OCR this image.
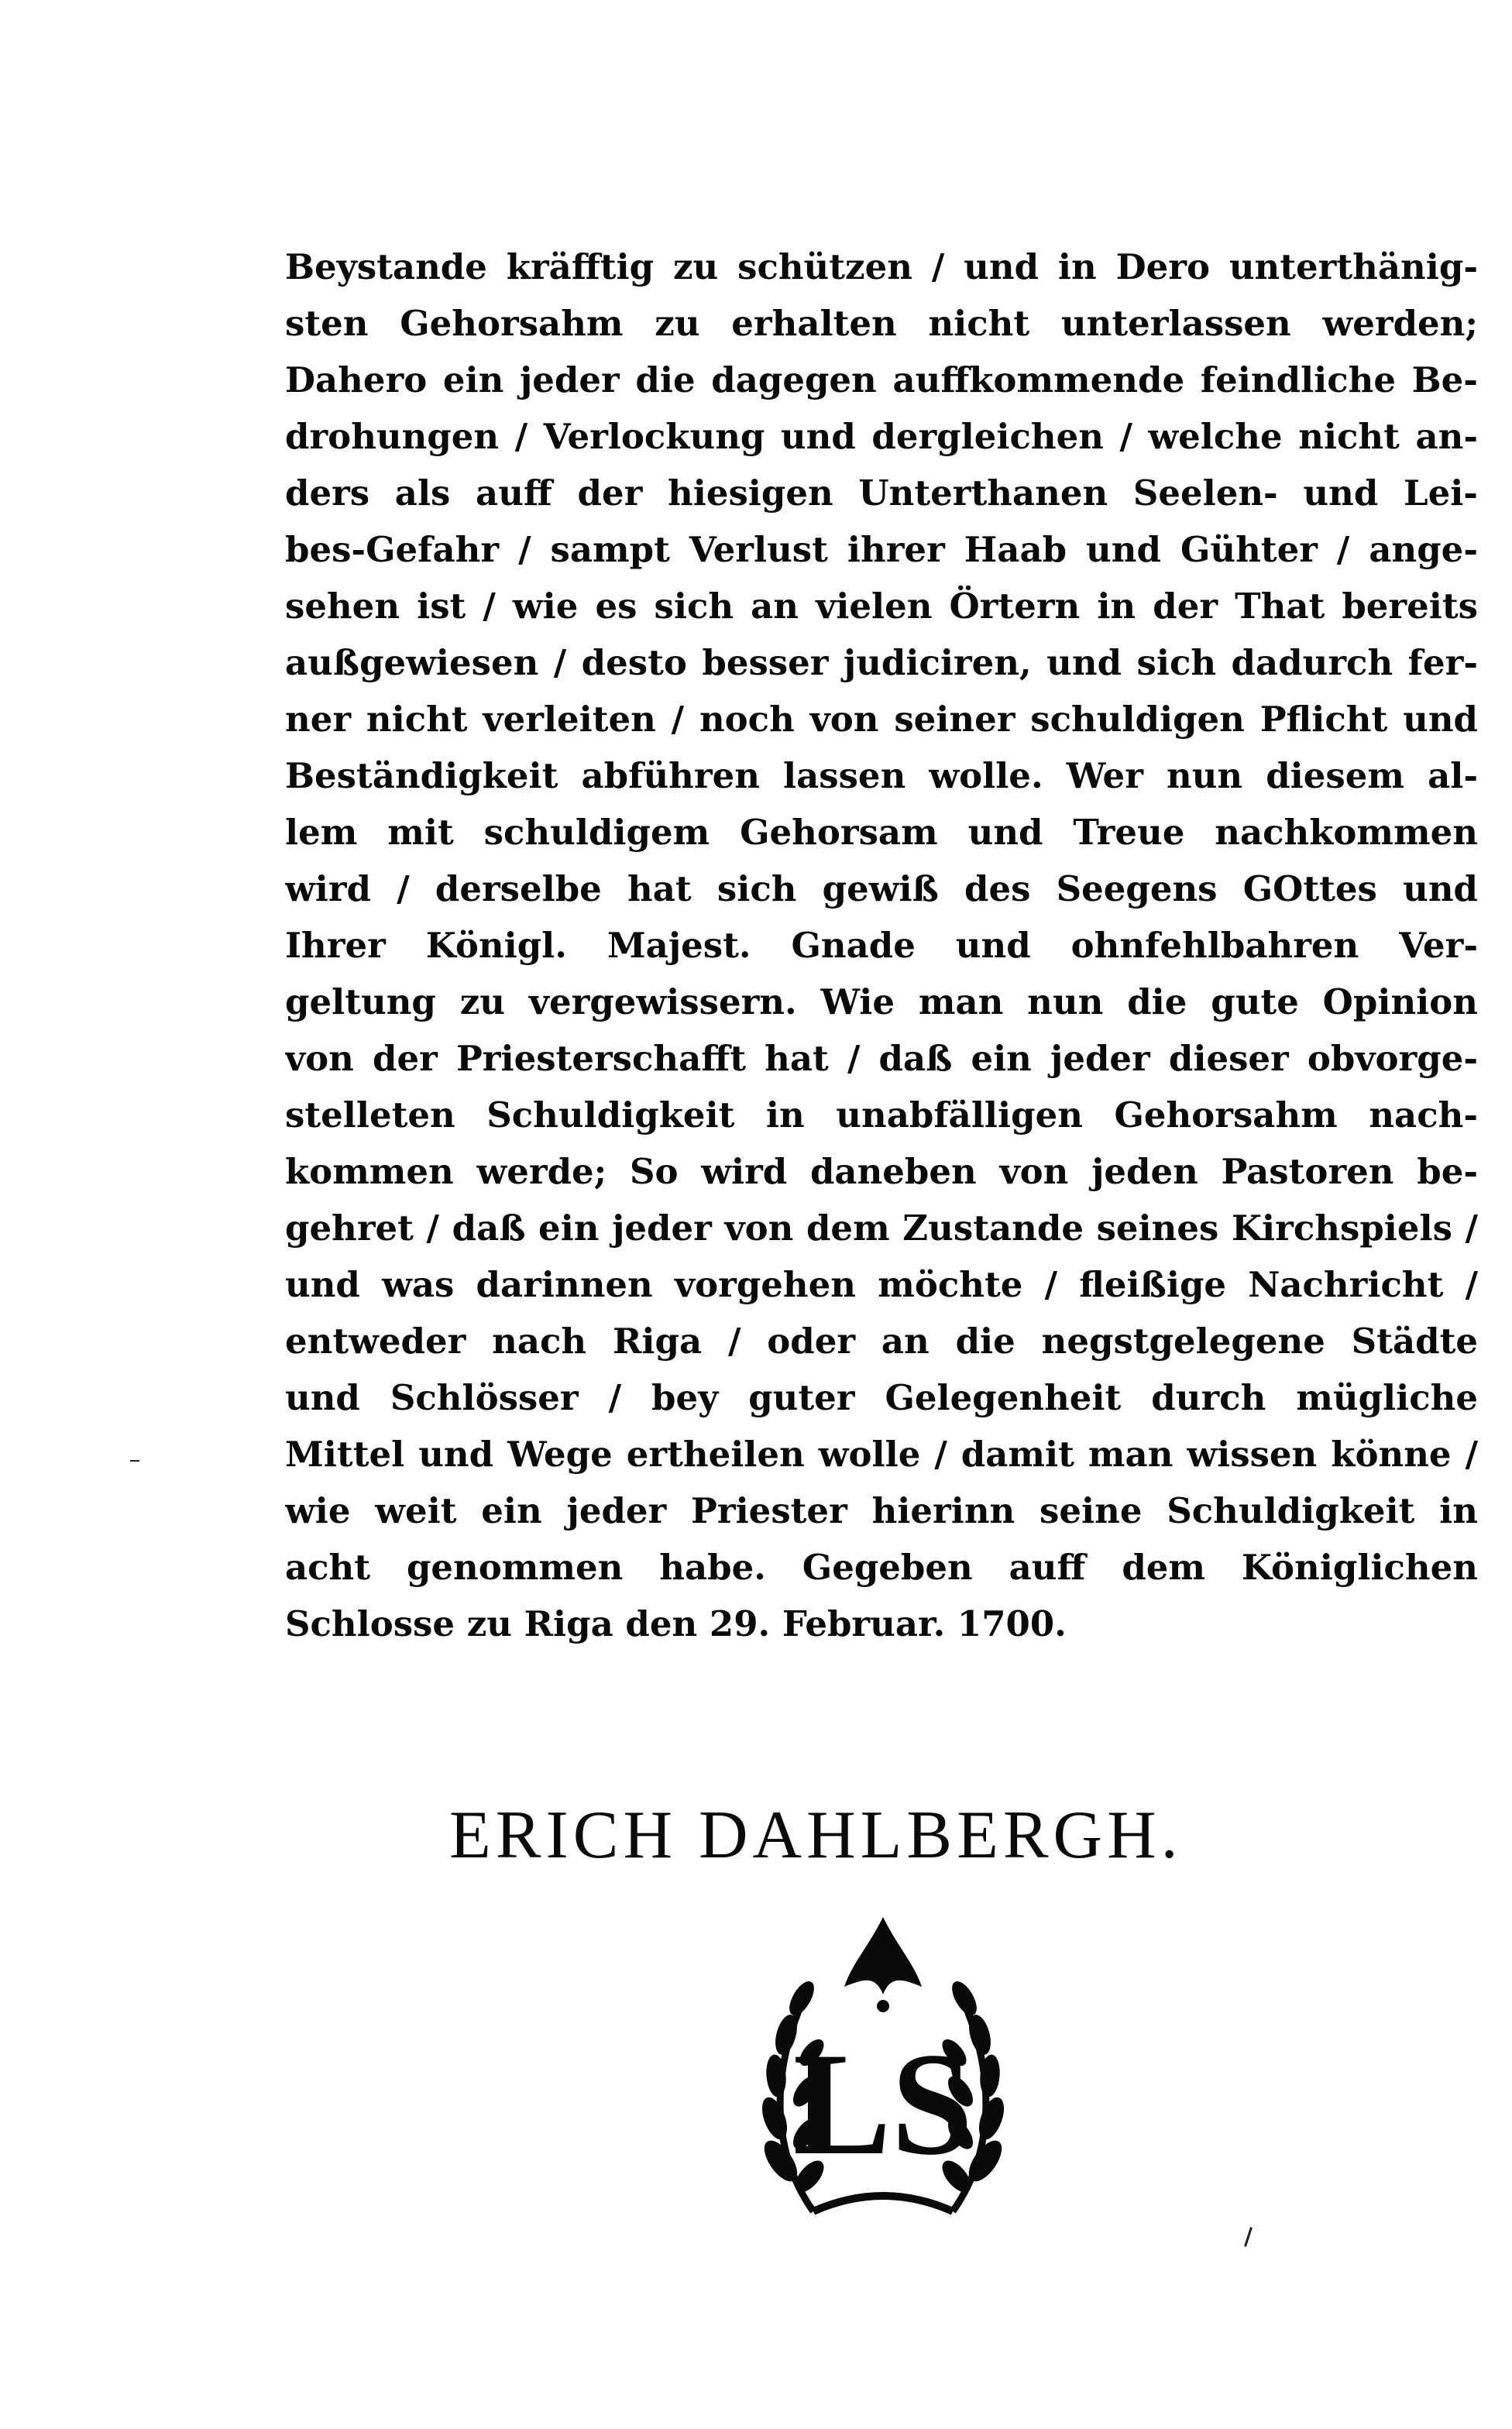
Beystande kräfftig zu schützen / und in Dero unterthänig-
sten Gehorsahm zu erhalten nicht unterlassen werden;
Dahero ein jeder die dagegen auffkommende feindliche Be-
drohungen / Verlockung und dergleichen / welche nicht an-
ders als auff der hiesigen Unterthanen Seelen- und Lei-
bes-Gefahr / sampt Verlust ihrer Haab und Gühter / ange-
sehen ist / wie es sich an vielen Örtern in der That bereits
außgewiesen / desto besser judiciren, und sich dadurch fer-
ner nicht verleiten / noch von seiner schuldigen Pflicht und
Beständigkeit abführen lassen wolle. Wer nun diesem al-
lem mit schuldigem Gehorsam und Treue nachkommen
wird / derselbe hat sich gewiß des Seegens GOttes und
Ihrer Königl. Majest. Gnade und ohnfehlbahren Ver-
geltung zu vergewissern. Wie man nun die gute Opinion
von der Priesterschafft hat / daß ein jeder dieser obvorge-
stelleten Schuldigkeit in unabfälligen Gehorsahm nach-
kommen werde; So wird daneben von jeden Pastoren be-
gehret / daß ein jeder von dem Zustande seines Kirchspiels /
und was darinnen vorgehen möchte / fleißige Nachricht /
entweder nach Riga / oder an die negstgelegene Städte
und Schlösser / bey guter Gelegenheit durch mügliche
Mittel und Wege ertheilen wolle / damit man wissen könne /
wie weit ein jeder Priester hierinn seine Schuldigkeit in
acht genommen habe. Gegeben auff dem Königlichen
Schlosse zu Riga den 29. Februar. 1700.
ERICH DAHLBERGH.
LS
